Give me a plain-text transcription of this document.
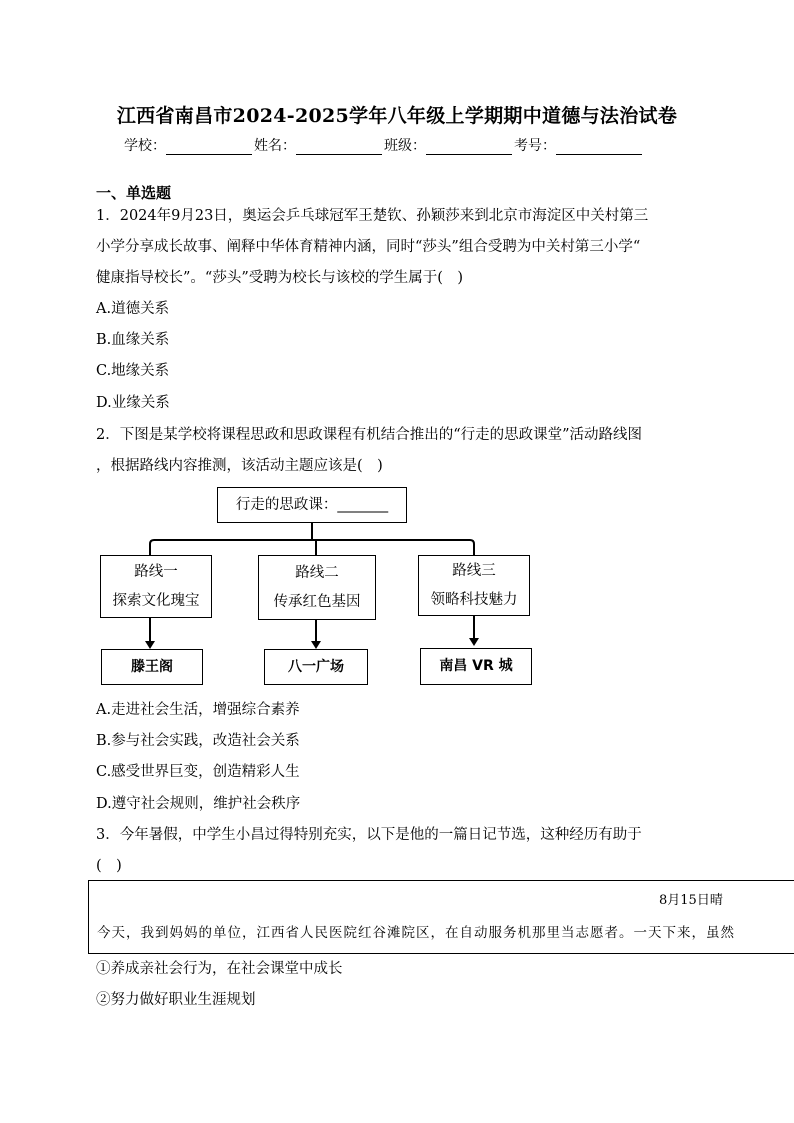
江西省南昌市2024-2025学年八年级上学期期中道德与法治试卷
学校：	姓名：	班级：	考号：
一、单选题
1．2024年9月23日，奥运会乒乓球冠军王楚钦、孙颖莎来到北京市海淀区中关村第三
小学分享成长故事、阐释中华体育精神内涵，同时“莎头”组合受聘为中关村第三小学“
健康指导校长”。“莎头”受聘为校长与该校的学生属于(　)
A.道德关系
B.血缘关系
C.地缘关系
D.业缘关系
2．下图是某学校将课程思政和思政课程有机结合推出的“行走的思政课堂”活动路线图
，根据路线内容推测，该活动主题应该是(　)
行走的思政课：_______
路线一
探索文化瑰宝
路线二
传承红色基因
路线三
领略科技魅力
滕王阁	八一广场	南昌 VR 城
A.走进社会生活，增强综合素养
B.参与社会实践，改造社会关系
C.感受世界巨变，创造精彩人生
D.遵守社会规则，维护社会秩序
3．今年暑假，中学生小昌过得特别充实，以下是他的一篇日记节选，这种经历有助于
(　)
8月15日晴
今天，我到妈妈的单位，江西省人民医院红谷滩院区，在自动服务机那里当志愿者。一天下来，虽然
①养成亲社会行为，在社会课堂中成长
②努力做好职业生涯规划
